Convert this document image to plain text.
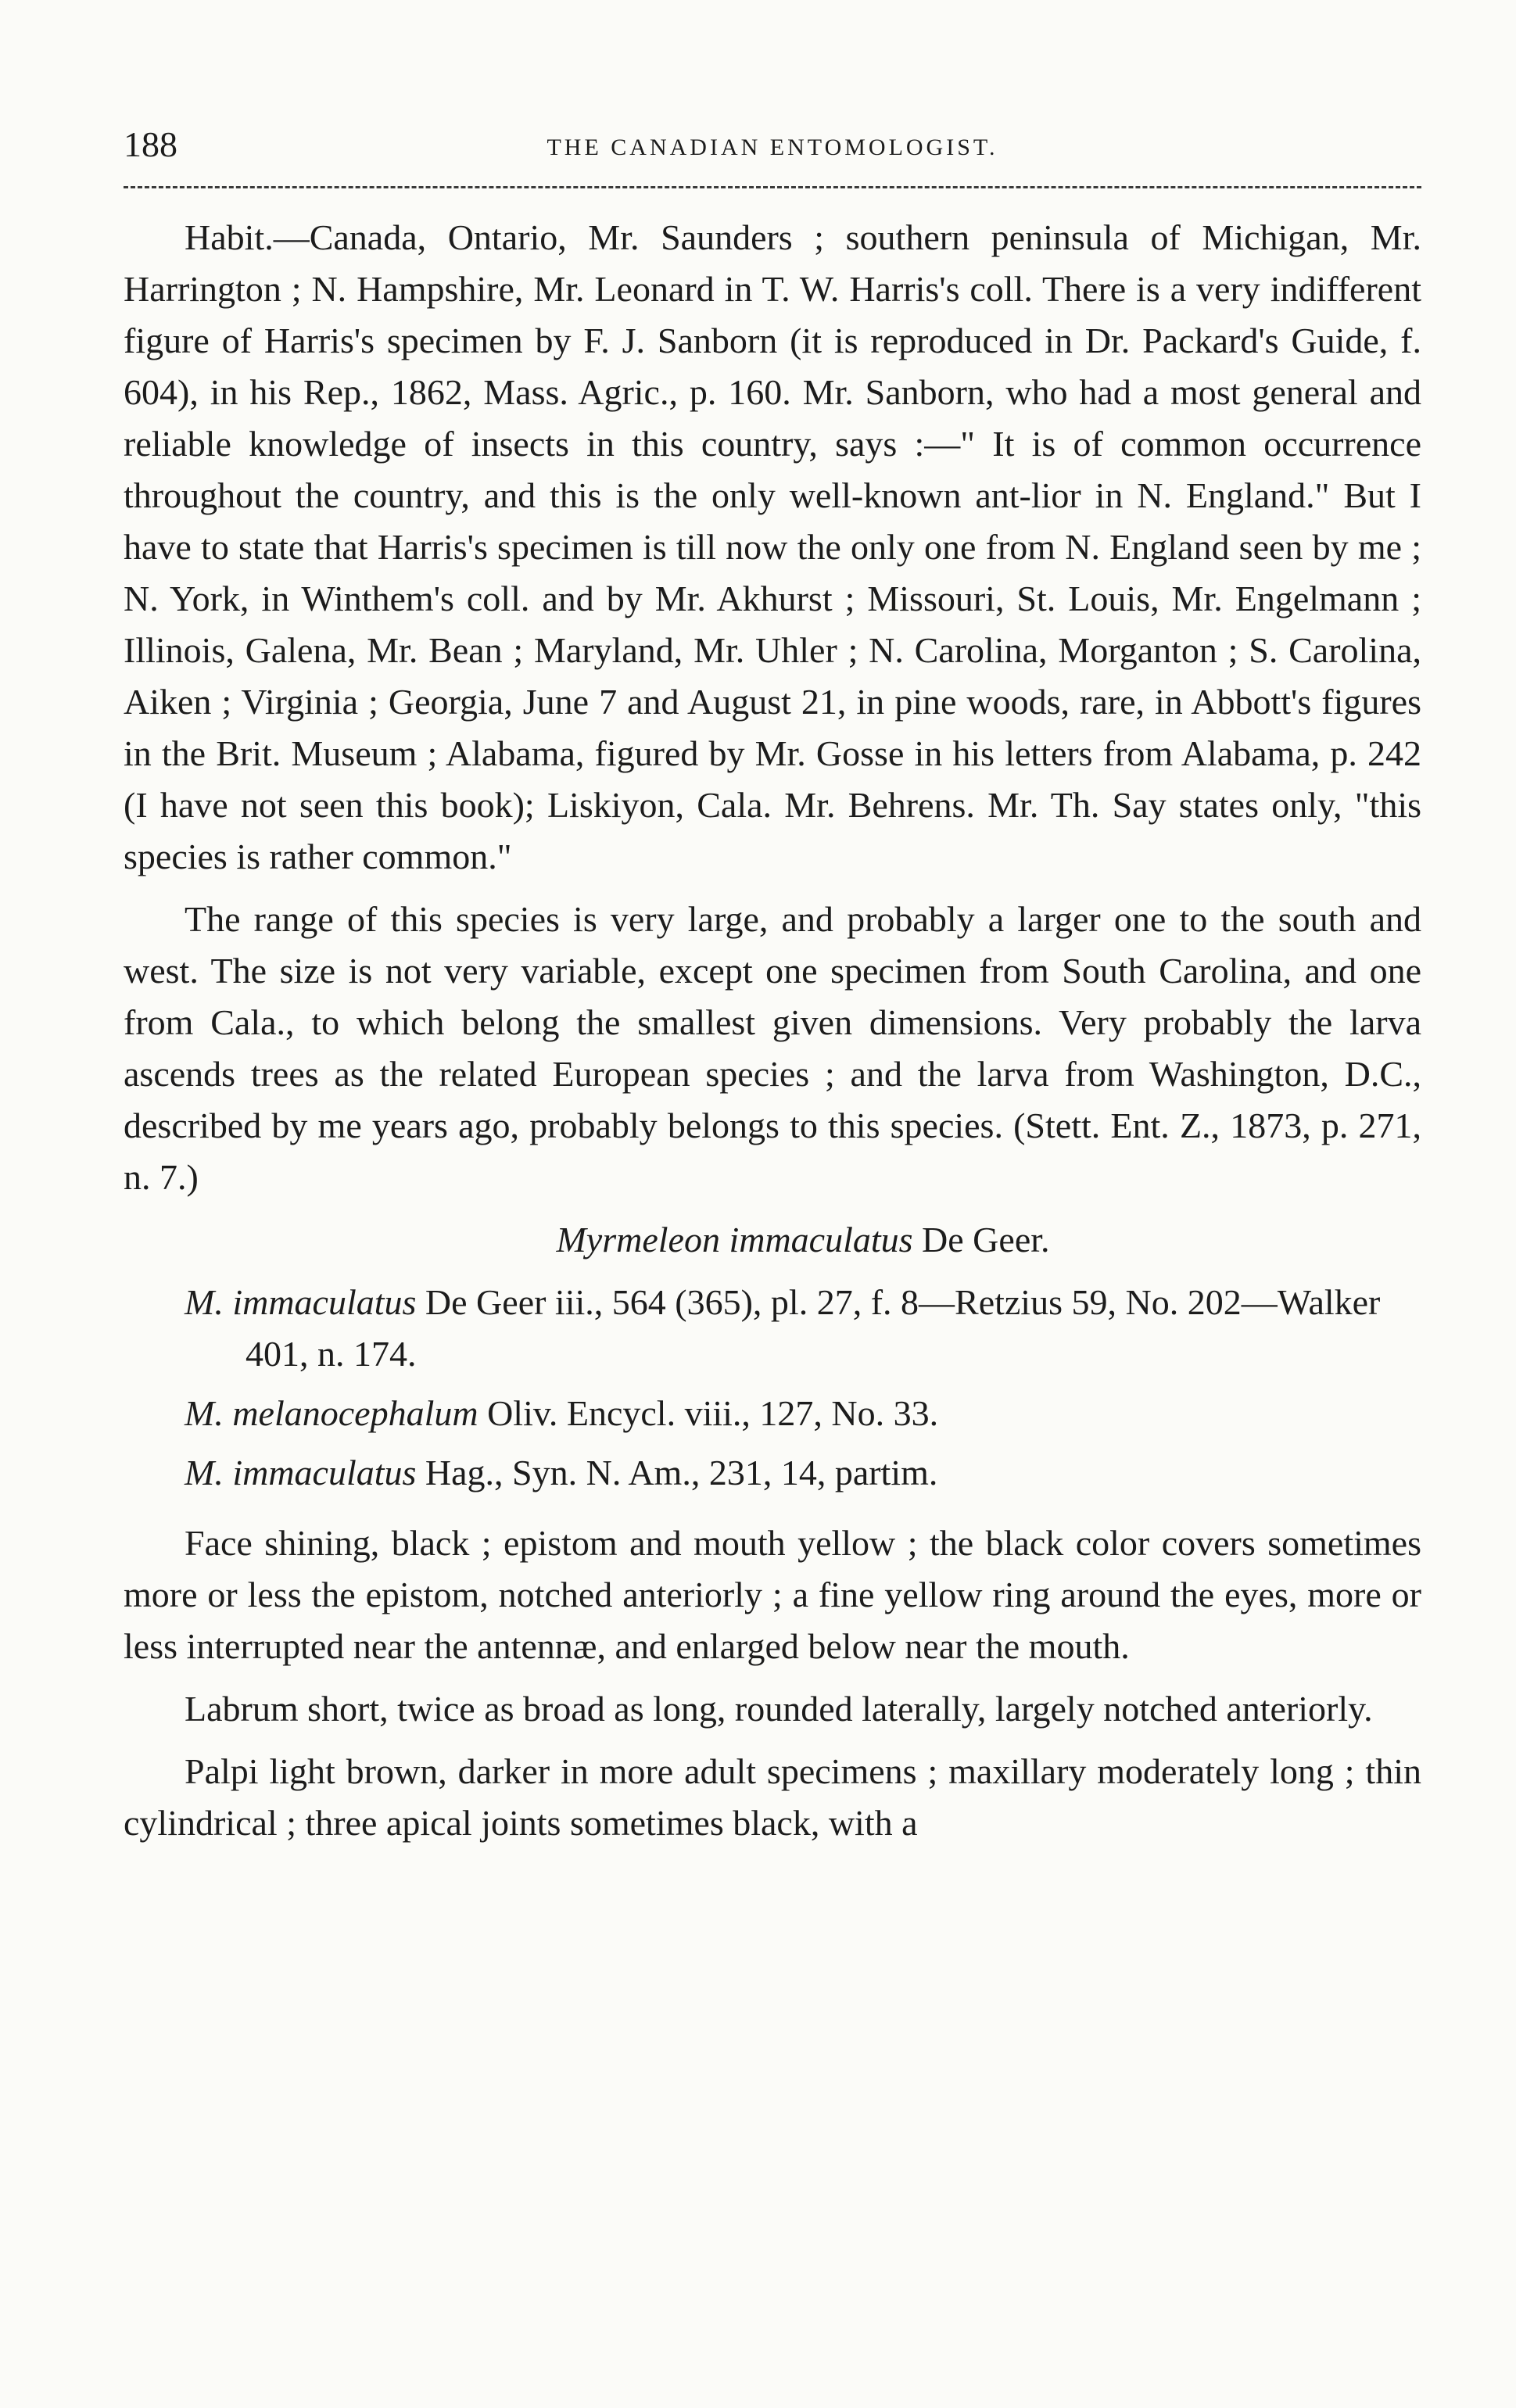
188	THE CANADIAN ENTOMOLOGIST.

Habit.—Canada, Ontario, Mr. Saunders ; southern peninsula of Michigan, Mr. Harrington ; N. Hampshire, Mr. Leonard in T. W. Harris's coll. There is a very indifferent figure of Harris's specimen by F. J. Sanborn (it is reproduced in Dr. Packard's Guide, f. 604), in his Rep., 1862, Mass. Agric., p. 160. Mr. Sanborn, who had a most general and reliable knowledge of insects in this country, says :—" It is of common occurrence throughout the country, and this is the only well-known ant-lior in N. England." But I have to state that Harris's specimen is till now the only one from N. England seen by me ; N. York, in Winthem's coll. and by Mr. Akhurst ; Missouri, St. Louis, Mr. Engelmann ; Illinois, Galena, Mr. Bean ; Maryland, Mr. Uhler ; N. Carolina, Morganton ; S. Carolina, Aiken ; Virginia ; Georgia, June 7 and August 21, in pine woods, rare, in Abbott's figures in the Brit. Museum ; Alabama, figured by Mr. Gosse in his letters from Alabama, p. 242 (I have not seen this book); Liskiyon, Cala. Mr. Behrens. Mr. Th. Say states only, "this species is rather common."

The range of this species is very large, and probably a larger one to the south and west. The size is not very variable, except one specimen from South Carolina, and one from Cala., to which belong the smallest given dimensions. Very probably the larva ascends trees as the related European species ; and the larva from Washington, D.C., described by me years ago, probably belongs to this species. (Stett. Ent. Z., 1873, p. 271, n. 7.)

Myrmeleon immaculatus De Geer.

M. immaculatus De Geer iii., 564 (365), pl. 27, f. 8—Retzius 59, No. 202—Walker 401, n. 174.

M. melanocephalum Oliv. Encycl. viii., 127, No. 33.

M. immaculatus Hag., Syn. N. Am., 231, 14, partim.

Face shining, black ; epistom and mouth yellow ; the black color covers sometimes more or less the epistom, notched anteriorly ; a fine yellow ring around the eyes, more or less interrupted near the antennæ, and enlarged below near the mouth.

Labrum short, twice as broad as long, rounded laterally, largely notched anteriorly.

Palpi light brown, darker in more adult specimens ; maxillary moderately long ; thin cylindrical ; three apical joints sometimes black, with a
